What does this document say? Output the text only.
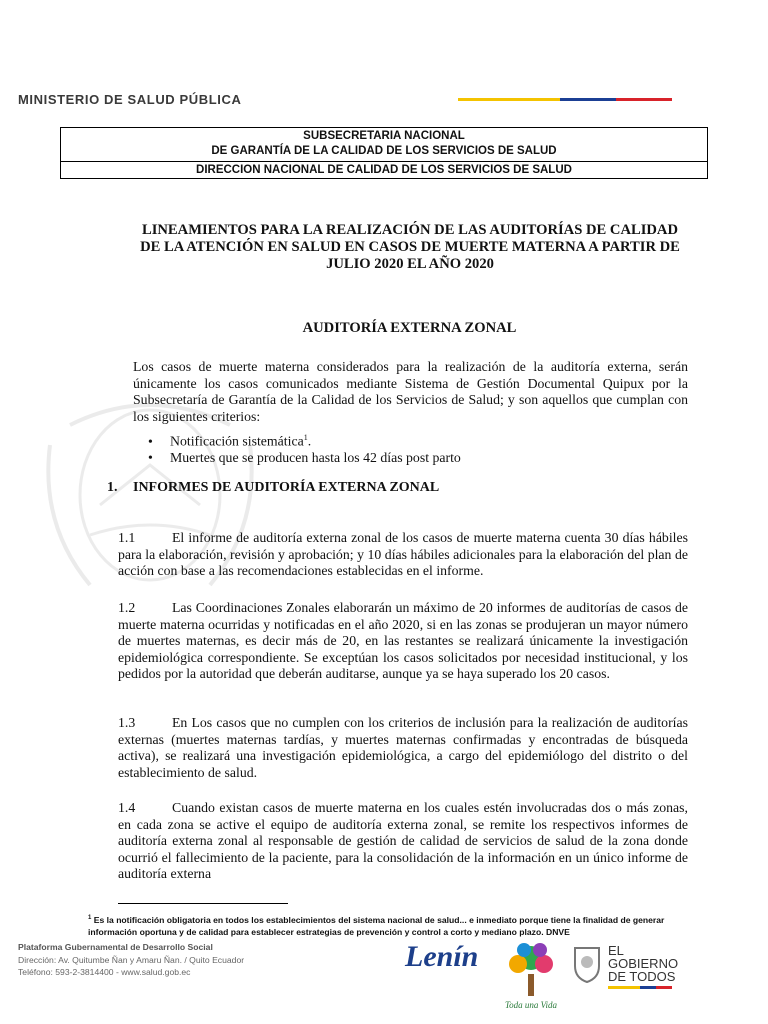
MINISTERIO DE SALUD PÚBLICA
SUBSECRETARIA NACIONAL
DE GARANTÍA DE LA CALIDAD DE LOS SERVICIOS DE SALUD
DIRECCION NACIONAL DE CALIDAD DE LOS SERVICIOS DE SALUD
LINEAMIENTOS PARA LA REALIZACIÓN DE LAS AUDITORÍAS DE CALIDAD
DE LA ATENCIÓN EN SALUD EN CASOS DE MUERTE MATERNA A PARTIR DE
JULIO 2020 EL AÑO 2020
AUDITORÍA EXTERNA ZONAL
Los casos de muerte materna considerados para la realización de la auditoría externa, serán únicamente los casos comunicados mediante Sistema de Gestión Documental Quipux por la Subsecretaría de Garantía de la Calidad de los Servicios de Salud; y son aquellos que cumplan con los siguientes criterios:
• Notificación sistemática$^1$.
• Muertes que se producen hasta los 42 días post parto
1. INFORMES DE AUDITORÍA EXTERNA ZONAL
1.1	El informe de auditoría externa zonal de los casos de muerte materna cuenta 30 días hábiles para la elaboración, revisión y aprobación; y 10 días hábiles adicionales para la elaboración del plan de acción con base a las recomendaciones establecidas en el informe.
1.2	Las Coordinaciones Zonales elaborarán un máximo de 20 informes de auditorías de casos de muerte materna ocurridas y notificadas en el año 2020, si en las zonas se produjeran un mayor número de muertes maternas, es decir más de 20, en las restantes se realizará únicamente la investigación epidemiológica correspondiente. Se exceptúan los casos solicitados por necesidad institucional, y los pedidos por la autoridad que deberán auditarse, aunque ya se haya superado los 20 casos.
1.3	En Los casos que no cumplen con los criterios de inclusión para la realización de auditorías externas (muertes maternas tardías, y muertes maternas confirmadas y encontradas de búsqueda activa), se realizará una investigación epidemiológica, a cargo del epidemiólogo del distrito o del establecimiento de salud.
1.4	Cuando existan casos de muerte materna en los cuales estén involucradas dos o más zonas, en cada zona se active el equipo de auditoría externa zonal, se remite los respectivos informes de auditoría externa zonal al responsable de gestión de calidad de servicios de salud de la zona donde ocurrió el fallecimiento de la paciente, para la consolidación de la información en un único informe de auditoría externa
$^1$ Es la notificación obligatoria en todos los establecimientos del sistema nacional de salud... e inmediato porque tiene la finalidad de generar información oportuna y de calidad para establecer estrategias de prevención y control a corto y mediano plazo. DNVE
Plataforma Gubernamental de Desarrollo Social
Dirección: Av. Quitumbe Ñan y Amaru Ñan. / Quito Ecuador
Teléfono: 593-2-3814400 - www.salud.gob.ec	Lenín
Toda una Vida
EL
GOBIERNO
DE TODOS
